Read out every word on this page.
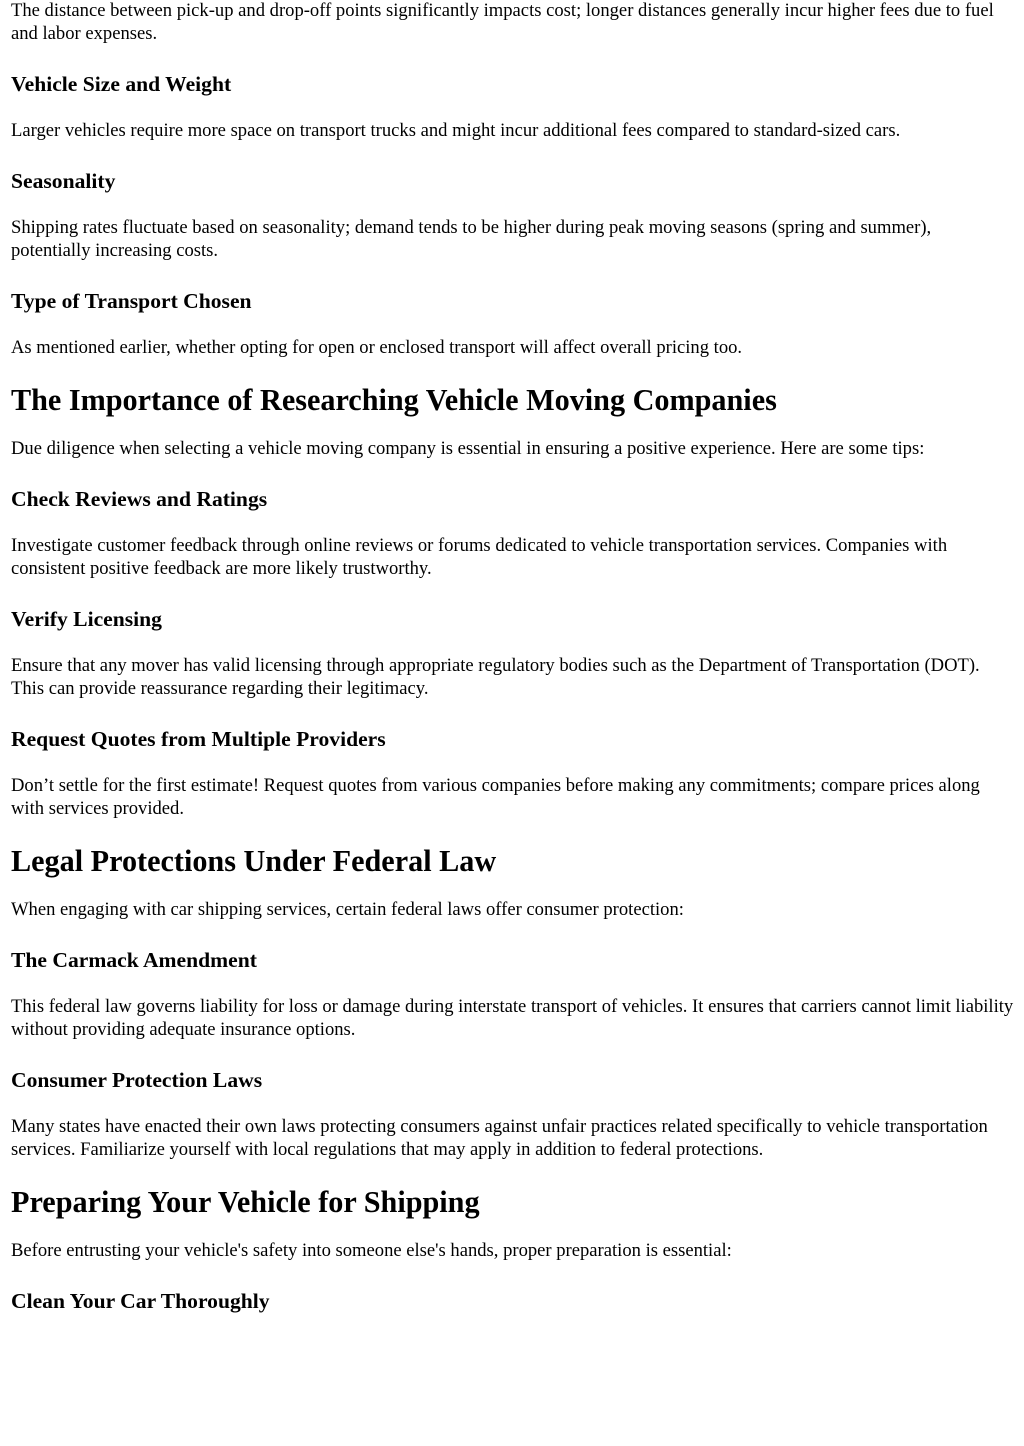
The distance between pick-up and drop-off points significantly impacts cost; longer distances generally incur higher fees due to fuel and labor expenses.

Vehicle Size and Weight

Larger vehicles require more space on transport trucks and might incur additional fees compared to standard-sized cars.

Seasonality

Shipping rates fluctuate based on seasonality; demand tends to be higher during peak moving seasons (spring and summer), potentially increasing costs.

Type of Transport Chosen

As mentioned earlier, whether opting for open or enclosed transport will affect overall pricing too.

The Importance of Researching Vehicle Moving Companies

Due diligence when selecting a vehicle moving company is essential in ensuring a positive experience. Here are some tips:

Check Reviews and Ratings

Investigate customer feedback through online reviews or forums dedicated to vehicle transportation services. Companies with consistent positive feedback are more likely trustworthy.

Verify Licensing

Ensure that any mover has valid licensing through appropriate regulatory bodies such as the Department of Transportation (DOT). This can provide reassurance regarding their legitimacy.

Request Quotes from Multiple Providers

Don’t settle for the first estimate! Request quotes from various companies before making any commitments; compare prices along with services provided.

Legal Protections Under Federal Law

When engaging with car shipping services, certain federal laws offer consumer protection:

The Carmack Amendment

This federal law governs liability for loss or damage during interstate transport of vehicles. It ensures that carriers cannot limit liability without providing adequate insurance options.

Consumer Protection Laws

Many states have enacted their own laws protecting consumers against unfair practices related specifically to vehicle transportation services. Familiarize yourself with local regulations that may apply in addition to federal protections.

Preparing Your Vehicle for Shipping

Before entrusting your vehicle's safety into someone else's hands, proper preparation is essential:

Clean Your Car Thoroughly
